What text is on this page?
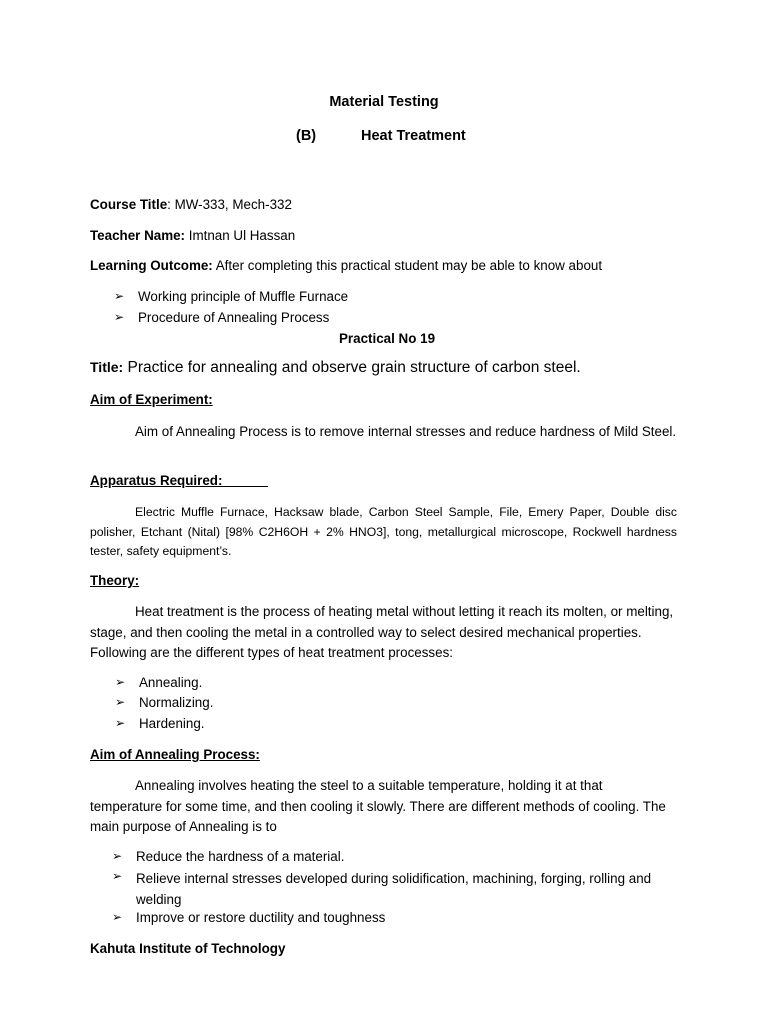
Material Testing
(B)	Heat Treatment
Course Title: MW-333, Mech-332
Teacher Name: Imtnan Ul Hassan
Learning Outcome: After completing this practical student may be able to know about
➢ Working principle of Muffle Furnace
➢ Procedure of Annealing Process
Practical No 19
Title: Practice for annealing and observe grain structure of carbon steel.
Aim of Experiment:
Aim of Annealing Process is to remove internal stresses and reduce hardness of Mild Steel.
Apparatus Required:
Electric Muffle Furnace, Hacksaw blade, Carbon Steel Sample, File, Emery Paper, Double disc polisher, Etchant (Nital) [98% C2H6OH + 2% HNO3], tong, metallurgical microscope, Rockwell hardness tester, safety equipment’s.
Theory:
Heat treatment is the process of heating metal without letting it reach its molten, or melting, stage, and then cooling the metal in a controlled way to select desired mechanical properties. Following are the different types of heat treatment processes:
➢ Annealing.
➢ Normalizing.
➢ Hardening.
Aim of Annealing Process:
Annealing involves heating the steel to a suitable temperature, holding it at that temperature for some time, and then cooling it slowly. There are different methods of cooling. The main purpose of Annealing is to
➢ Reduce the hardness of a material.
➢ Relieve internal stresses developed during solidification, machining, forging, rolling and welding
➢ Improve or restore ductility and toughness
Kahuta Institute of Technology
